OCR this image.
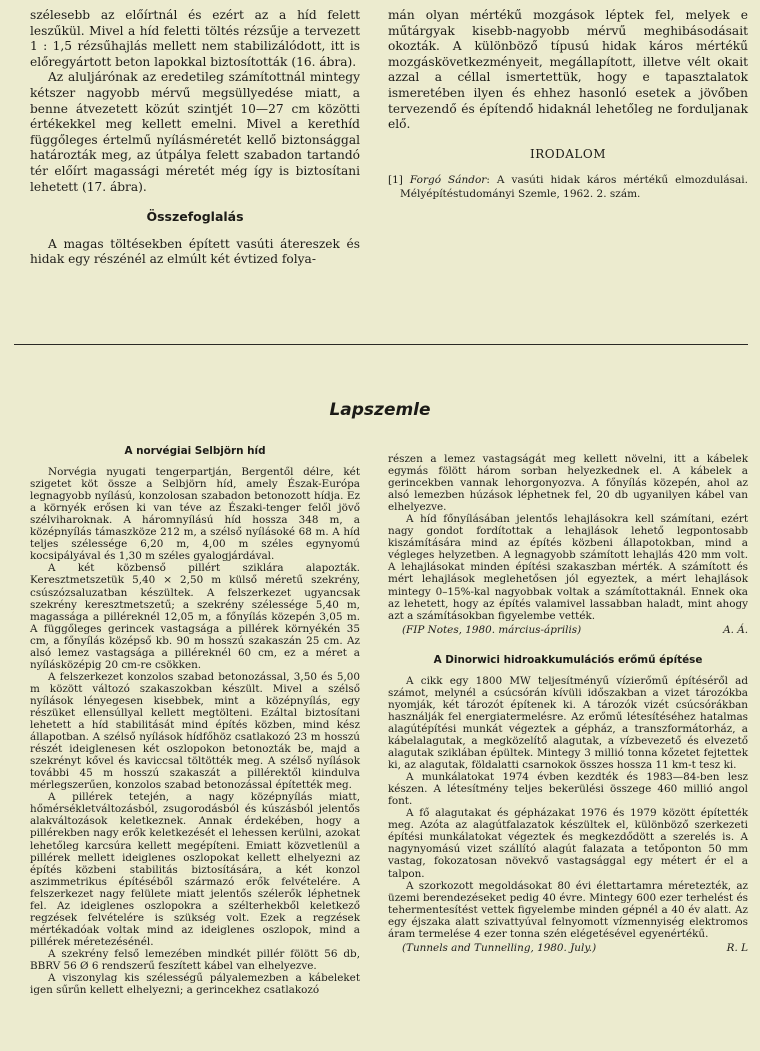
szélesebb az előírtnál és ezért az a híd felett leszűkül. Mivel a híd feletti töltés rézsűje a tervezett 1 : 1,5 rézsűhajlás mellett nem stabilizálódott, itt is előregyártott beton lapokkal biztosították (16. ábra).

Az aluljárónak az eredetileg számítottnál mintegy kétszer nagyobb mérvű megsüllyedése miatt, a benne átvezetett közút szintjét 10—27 cm közötti értékekkel meg kellett emelni. Mivel a kerethíd függőleges értelmű nyílásméretét kellő biztonsággal határozták meg, az útpálya felett szabadon tartandó tér előírt magassági méretét még így is biztosítani lehetett (17. ábra).

Összefoglalás

A magas töltésekben épített vasúti átereszek és hidak egy részénél az elmúlt két évtized folya-

mán olyan mértékű mozgások léptek fel, melyek e műtárgyak kisebb-nagyobb mérvű meghibásodásait okozták. A különböző típusú hidak káros mértékű mozgáskövetkezményeit, megállapított, illetve vélt okait azzal a céllal ismertettük, hogy e tapasztalatok ismeretében ilyen és ehhez hasonló esetek a jövőben tervezendő és építendő hidaknál lehetőleg ne forduljanak elő.

IRODALOM
[1] Forgó Sándor: A vasúti hidak káros mértékű elmozdulásai. Mélyépítéstudományi Szemle, 1962. 2. szám.
Lapszemle
A norvégiai Selbjörn híd

Norvégia nyugati tengerpartján, Bergentől délre, két szigetet köt össze a Selbjörn híd, amely Észak-Európa legnagyobb nyílású, konzolosan szabadon betonozott hídja. Ez a környék erősen ki van téve az Északi-tenger felől jövő szélviharoknak. A háromnyílású híd hossza 348 m, a középnyílás támaszköze 212 m, a szélső nyílásoké 68 m. A híd teljes szélessége 6,20 m, 4,00 m széles egynyomú kocsipályával és 1,30 m széles gyalogjárdával.

A két közbenső pillért sziklára alapozták. Keresztmetszetük 5,40 × 2,50 m külső méretű szekrény, csúszózsaluzatban készültek. A felszerkezet ugyancsak szekrény keresztmetszetű; a szekrény szélessége 5,40 m, magassága a pilléreknél 12,05 m, a főnyílás közepén 3,05 m. A függőleges gerincek vastagsága a pillérek környékén 35 cm, a főnyílás középső kb. 90 m hosszú szakaszán 25 cm. Az alsó lemez vastagsága a pilléreknél 60 cm, ez a méret a nyílásközépig 20 cm-re csökken.

A felszerkezet konzolos szabad betonozással, 3,50 és 5,00 m között változó szakaszokban készült. Mivel a szélső nyílások lényegesen kisebbek, mint a középnyílás, egy részüket ellensúllyal kellett megtölteni. Ezáltal biztosítani lehetett a híd stabilitását mind építés közben, mind kész állapotban. A szélső nyílások hídfőhöz csatlakozó 23 m hosszú részét ideiglenesen két oszlopokon betonozták be, majd a szekrényt kővel és kaviccsal töltötték meg. A szélső nyílások további 45 m hosszú szakaszát a pillérektől kiindulva mérlegszerűen, konzolos szabad betonozással építették meg.

A pillérek tetején, a nagy középnyílás miatt, hőmérsékletváltozásból, zsugorodásból és kúszásból jelentős alakváltozások keletkeznek. Annak érdekében, hogy a pillérekben nagy erők keletkezését el lehessen kerülni, azokat lehetőleg karcsúra kellett megépíteni. Emiatt közvetlenül a pillérek mellett ideiglenes oszlopokat kellett elhelyezni az építés közbeni stabilitás biztosítására, a két konzol aszimmetrikus építéséből származó erők felvételére. A felszerkezet nagy felülete miatt jelentős szélerők léphetnek fel. Az ideiglenes oszlopokra a szélterhekből keletkező regzések felvételére is szükség volt. Ezek a regzések mértékadóak voltak mind az ideiglenes oszlopok, mind a pillérek méretezésénél.

A szekrény felső lemezében mindkét pillér fölött 56 db, BBRV 56 Ø 6 rendszerű feszített kábel van elhelyezve.

A viszonylag kis szélességű pályalemezben a kábeleket igen sűrűn kellett elhelyezni; a gerincekhez csatlakozó

részen a lemez vastagságát meg kellett növelni, itt a kábelek egymás fölött három sorban helyezkednek el. A kábelek a gerincekben vannak lehorgonyozva. A főnyílás közepén, ahol az alsó lemezben húzások léphetnek fel, 20 db ugyanilyen kábel van elhelyezve.

A híd főnyílásában jelentős lehajlásokra kell számítani, ezért nagy gondot fordítottak a lehajlások lehető legpontosabb kiszámítására mind az építés közbeni állapotokban, mind a végleges helyzetben. A legnagyobb számított lehajlás 420 mm volt. A lehajlásokat minden építési szakaszban mérték. A számított és mért lehajlások meglehetősen jól egyeztek, a mért lehajlások mintegy 0–15%-kal nagyobbak voltak a számítottaknál. Ennek oka az lehetett, hogy az építés valamivel lassabban haladt, mint ahogy azt a számításokban figyelembe vették.

(FIP Notes, 1980. március-április)	A. Á.
A Dinorwici hidroakkumulációs erőmű építése

A cikk egy 1800 MW teljesítményű vízierőmű építéséről ad számot, melynél a csúcsórán kívüli időszakban a vizet tározókba nyomják, két tározót építenek ki. A tározók vizét csúcsórákban használják fel energiatermelésre. Az erőmű létesítéséhez hatalmas alagútépítési munkát végeztek a gépház, a transzformátorház, a kábelalagutak, a megközelítő alagutak, a vízbevezető és elvezető alagutak sziklában épültek. Mintegy 3 millió tonna kőzetet fejtettek ki, az alagutak, földalatti csarnokok összes hossza 11 km-t tesz ki.

A munkálatokat 1974 évben kezdték és 1983—84-ben lesz készen. A létesítmény teljes bekerülési összege 460 millió angol font.

A fő alagutakat és gépházakat 1976 és 1979 között építették meg. Azóta az alagútfalazatok készültek el, különböző szerkezeti építési munkálatokat végeztek és megkezdődött a szerelés is. A nagynyomású vizet szállító alagút falazata a tetőponton 50 mm vastag, fokozatosan növekvő vastagsággal egy métert ér el a talpon.

A szorkozott megoldásokat 80 évi élettartamra méretezték, az üzemi berendezéseket pedig 40 évre. Mintegy 600 ezer terhelést és tehermentesítést vettek figyelembe minden gépnél a 40 év alatt. Az egy éjszaka alatt szivattyúval felnyomott vízmennyiség elektromos áram termelése 4 ezer tonna szén elégetésével egyenértékű.

(Tunnels and Tunnelling, 1980. July.)	R. L
